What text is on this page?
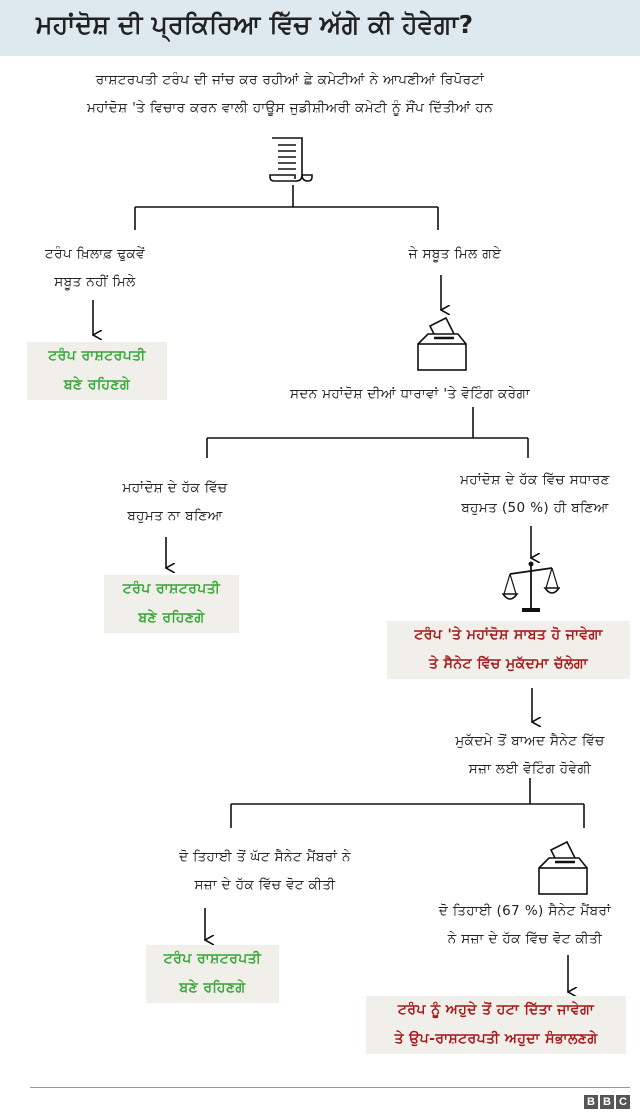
ਮਹਾਂਦੋਸ਼ ਦੀ ਪ੍ਰਕਿਰਿਆ ਵਿੱਚ ਅੱਗੇ ਕੀ ਹੋਵੇਗਾ?
ਰਾਸ਼ਟਰਪਤੀ ਟਰੰਪ ਦੀ ਜਾਂਚ ਕਰ ਰਹੀਆਂ ਛੇ ਕਮੇਟੀਆਂ ਨੇ ਆਪਣੀਆਂ ਰਿਪੋਰਟਾਂ
ਮਹਾਂਦੋਸ਼ 'ਤੇ ਵਿਚਾਰ ਕਰਨ ਵਾਲੀ ਹਾਊਸ ਜੁਡੀਸ਼ੀਅਰੀ ਕਮੇਟੀ ਨੂੰ ਸੌਂਪ ਦਿੱਤੀਆਂ ਹਨ
ਟਰੰਪ ਖ਼ਿਲਾਫ਼ ਢੁਕਵੇਂ
ਸਬੂਤ ਨਹੀਂ ਮਿਲੇ
ਟਰੰਪ ਰਾਸ਼ਟਰਪਤੀ
ਬਣੇ ਰਹਿਣਗੇ
ਜੇ ਸਬੂਤ ਮਿਲ ਗਏ
ਸਦਨ ਮਹਾਂਦੋਸ਼ ਦੀਆਂ ਧਾਰਾਵਾਂ 'ਤੇ ਵੋਟਿੰਗ ਕਰੇਗਾ
ਮਹਾਂਦੋਸ਼ ਦੇ ਹੱਕ ਵਿੱਚ
ਬਹੁਮਤ ਨਾ ਬਣਿਆ
ਟਰੰਪ ਰਾਸ਼ਟਰਪਤੀ
ਬਣੇ ਰਹਿਣਗੇ
ਮਹਾਂਦੋਸ਼ ਦੇ ਹੱਕ ਵਿੱਚ ਸਧਾਰਣ
ਬਹੁਮਤ (50 %) ਹੀ ਬਣਿਆ
ਟਰੰਪ 'ਤੇ ਮਹਾਂਦੋਸ਼ ਸਾਬਤ ਹੋ ਜਾਵੇਗਾ
ਤੇ ਸੈਨੇਟ ਵਿੱਚ ਮੁਕੱਦਮਾ ਚੱਲੇਗਾ
ਮੁਕੱਦਮੇ ਤੋਂ ਬਾਅਦ ਸੈਨੇਟ ਵਿੱਚ
ਸਜ਼ਾ ਲਈ ਵੋਟਿੰਗ ਹੋਵੇਗੀ
ਦੋ ਤਿਹਾਈ ਤੋਂ ਘੱਟ ਸੈਨੇਟ ਮੈਂਬਰਾਂ ਨੇ
ਸਜ਼ਾ ਦੇ ਹੱਕ ਵਿੱਚ ਵੋਟ ਕੀਤੀ
ਟਰੰਪ ਰਾਸ਼ਟਰਪਤੀ
ਬਣੇ ਰਹਿਣਗੇ
ਦੋ ਤਿਹਾਈ (67 %) ਸੈਨੇਟ ਮੈਂਬਰਾਂ
ਨੇ ਸਜ਼ਾ ਦੇ ਹੱਕ ਵਿੱਚ ਵੋਟ ਕੀਤੀ
ਟਰੰਪ ਨੂੰ ਅਹੁਦੇ ਤੋਂ ਹਟਾ ਦਿੱਤਾ ਜਾਵੇਗਾ
ਤੇ ਉਪ-ਰਾਸ਼ਟਰਪਤੀ ਅਹੁਦਾ ਸੰਭਾਲਣਗੇ
B B C
